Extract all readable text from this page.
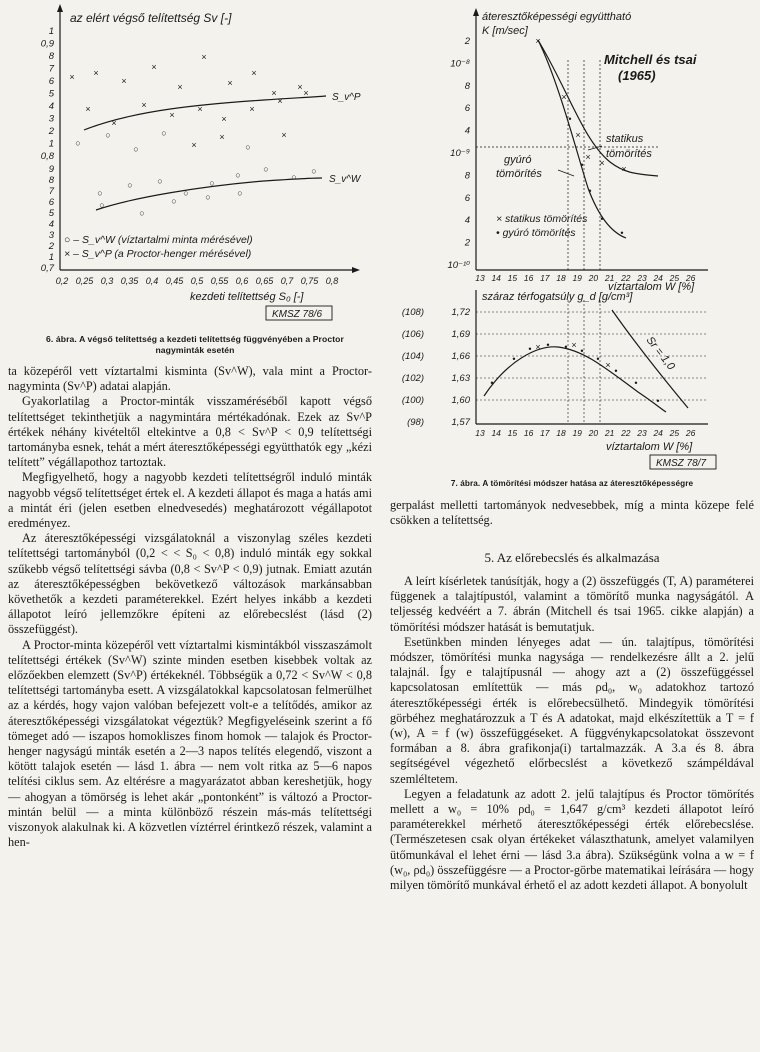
az elért végső telítettség Sv [-]
1
0,9
8
7
6
5
4
3
2
1
0,8
9
8
7
6
5
4
3
2
1
0,7
0,2 0,25 0,3 0,35 0,4 0,45 0,5 0,55 0,6 0,65 0,7 0,75 0,8
S_v^P
S_v^W
× ×
×
×
×
×
×
×
×
×
×
×
×
×
×
×
×
×
×
○
○
○
○
×
×
○
×
○
○	○
○
○
○
○
○
○
○
○
○	○	○
○ – S_v^W (víztartalmi minta mérésével)
× – S_v^P (a Proctor-henger mérésével)
kezdeti telítettség S₀ [-]
KMSZ 78/6
6. ábra. A végső telítettség a kezdeti telítettség függvényében a Proctor nagyminták esetén

ta közepéről vett víztartalmi kisminta (Sv^W), vala mint a Proctor-nagyminta (Sv^P) adatai alapján.

Gyakorlatilag a Proctor-minták visszaméréséből kapott végső telítettséget tekinthetjük a nagymintára mértékadónak. Ezek az Sv^P értékek néhány kivételtől eltekintve a 0,8 < Sv^P < 0,9 telítettségi tartományba esnek, tehát a mért áteresztőképességi együtthatók egy „kézi telített” végállapothoz tartoztak.

Megfigyelhető, hogy a nagyobb kezdeti telítettségről induló minták nagyobb végső telítettséget értek el. A kezdeti állapot és maga a hatás ami a mintát éri (jelen esetben elnedvesedés) meghatározott végállapotot eredményez.

Az áteresztőképességi vizsgálatoknál a viszonylag széles kezdeti telítettségi tartományból (0,2 < < S₀ < 0,8) induló minták egy sokkal szűkebb végső telítettségi sávba (0,8 < Sv^P < 0,9) jutnak. Emiatt azután az áteresztőképességben bekövetkező változások markánsabban követhetők a kezdeti paraméterekkel. Ezért helyes inkább a kezdeti állapotot leíró jellemzőkre építeni az előrebecslést (lásd (2) összefüggést).

A Proctor-minta közepéről vett víztartalmi kismintákból visszaszámolt telítettségi értékek (Sv^W) szinte minden esetben kisebbek voltak az előzőekben elemzett (Sv^P) értékeknél. Többségük a 0,72 < Sv^W < 0,8 telítettségi tartományba esett. A vizsgálatokkal kapcsolatosan felmerülhet az a kérdés, hogy vajon valóban befejezett volt-e a telítődés, amikor az áteresztőképességi vizsgálatokat végeztük? Megfigyeléseink szerint a fő tömeget adó — iszapos homokliszes finom homok — talajok és Proctor-henger nagyságú minták esetén a 2—3 napos telítés elegendő, viszont a kötött talajok esetén — lásd 1. ábra — nem volt ritka az 5—6 napos telítési ciklus sem. Az eltérésre a magyarázatot abban kereshetjük, hogy — ahogyan a tömörség is lehet akár „pontonként” is változó a Proctor-mintán belül — a minta különböző részein más-más telítettségi viszonyok alakulnak ki. A közvetlen víztérrel érintkező részek, valamint a hen-

áteresztőképességi együttható
K [m/sec]
2
10⁻⁸
8
6
4
10⁻⁹
8
6
4
2
10⁻¹⁰
13 14 15 16 17 18 19 20 21 22 23 24 25 26
Mitchell és tsai
(1965)
statikus
tömörítés
gyúró
tömörítés
×
×
×
×
×
×
•
•
•
•
•
× statikus tömörítés
• gyúró tömörítés
víztartalom W [%]
száraz térfogatsúly g_d [g/cm³]
(108)
(106)
(104)
(102)
(100)
(98)
1,72
1,69
1,66
1,63
1,60
1,57
13 14 15 16 17 18 19 20 21 22 23 24 25 26
Sr = 1,0
•
•
• • • •
•
•
•
•
×	×
×
víztartalom W [%]
KMSZ 78/7
7. ábra. A tömörítési módszer hatása az áteresztőképességre

gerpalást melletti tartományok nedvesebbek, míg a minta közepe felé csökken a telítettség.

5. Az előrebecslés és alkalmazása

A leírt kísérletek tanúsítják, hogy a (2) összefüggés (T, A) paraméterei függenek a talajtípustól, valamint a tömörítő munka nagyságától. A teljesség kedvéért a 7. ábrán (Mitchell és tsai 1965. cikke alapján) a tömörítési módszer hatását is bemutatjuk.

Esetünkben minden lényeges adat — ún. talajtípus, tömörítési módszer, tömörítési munka nagysága — rendelkezésre állt a 2. jelű talajnál. Így e talajtípusnál — ahogy azt a (2) összefüggéssel kapcsolatosan említettük — más ρd₀, w₀ adatokhoz tartozó áteresztőképességi érték is előrebecsülhető. Mindegyik tömörítési görbéhez meghatározzuk a T és A adatokat, majd elkészítettük a T = f (w), A = f (w) összefüggéseket. A függvénykapcsolatokat összevont formában a 8. ábra grafikonja(i) tartalmazzák. A 3.a és 8. ábra segítségével végezhető előrbecslést a következő számpéldával szemléltetem.

Legyen a feladatunk az adott 2. jelű talajtípus és Proctor tömörítés mellett a w₀ = 10% ρd₀ = 1,647 g/cm³ kezdeti állapotot leíró paraméterekkel mérhető áteresztőképességi érték előrebecslése. (Természetesen csak olyan értékeket választhatunk, amelyet valamilyen ütőmunkával el lehet érni — lásd 3.a ábra). Szükségünk volna a w = f (w₀, ρd₀) összefüggésre — a Proctor-görbe matematikai leírására — hogy milyen tömörítő munkával érhető el az adott kezdeti állapot. A bonyolult
